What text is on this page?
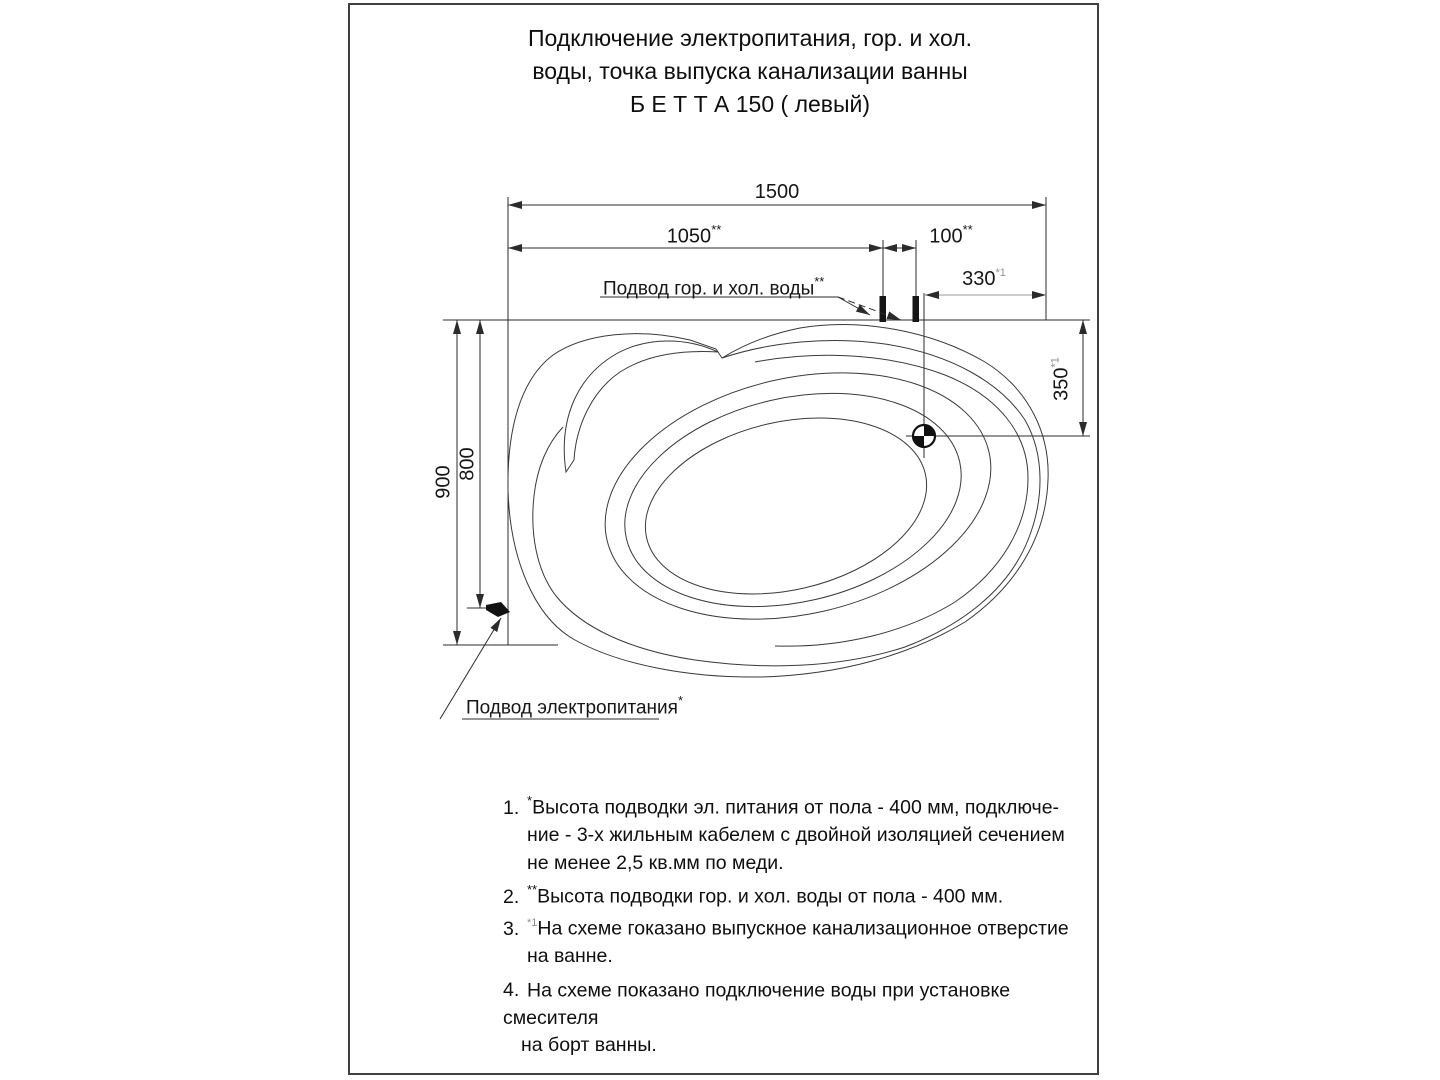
Подключение электропитания, гор. и хол.
воды, точка выпуска канализации ванны
Б Е Т Т А 150 ( левый)
1500
1050**	100**
330$^{*1}$
350$^{*1}$
900
800
Подвод гор. и хол. воды**
Подвод электропитания*
1. *Высота подводки эл. питания от пола - 400 мм, подключе-
ние - 3-х жильным кабелем с двойной изоляцией сечением
не менее 2,5 кв.мм по меди.
2. **Высота подводки гор. и хол. воды от пола - 400 мм.
3. $^{*1}$На схеме гоказано выпускное канализационное отверстие
на ванне.
4. На схеме показано подключение воды при установке смесителя
на борт ванны.
